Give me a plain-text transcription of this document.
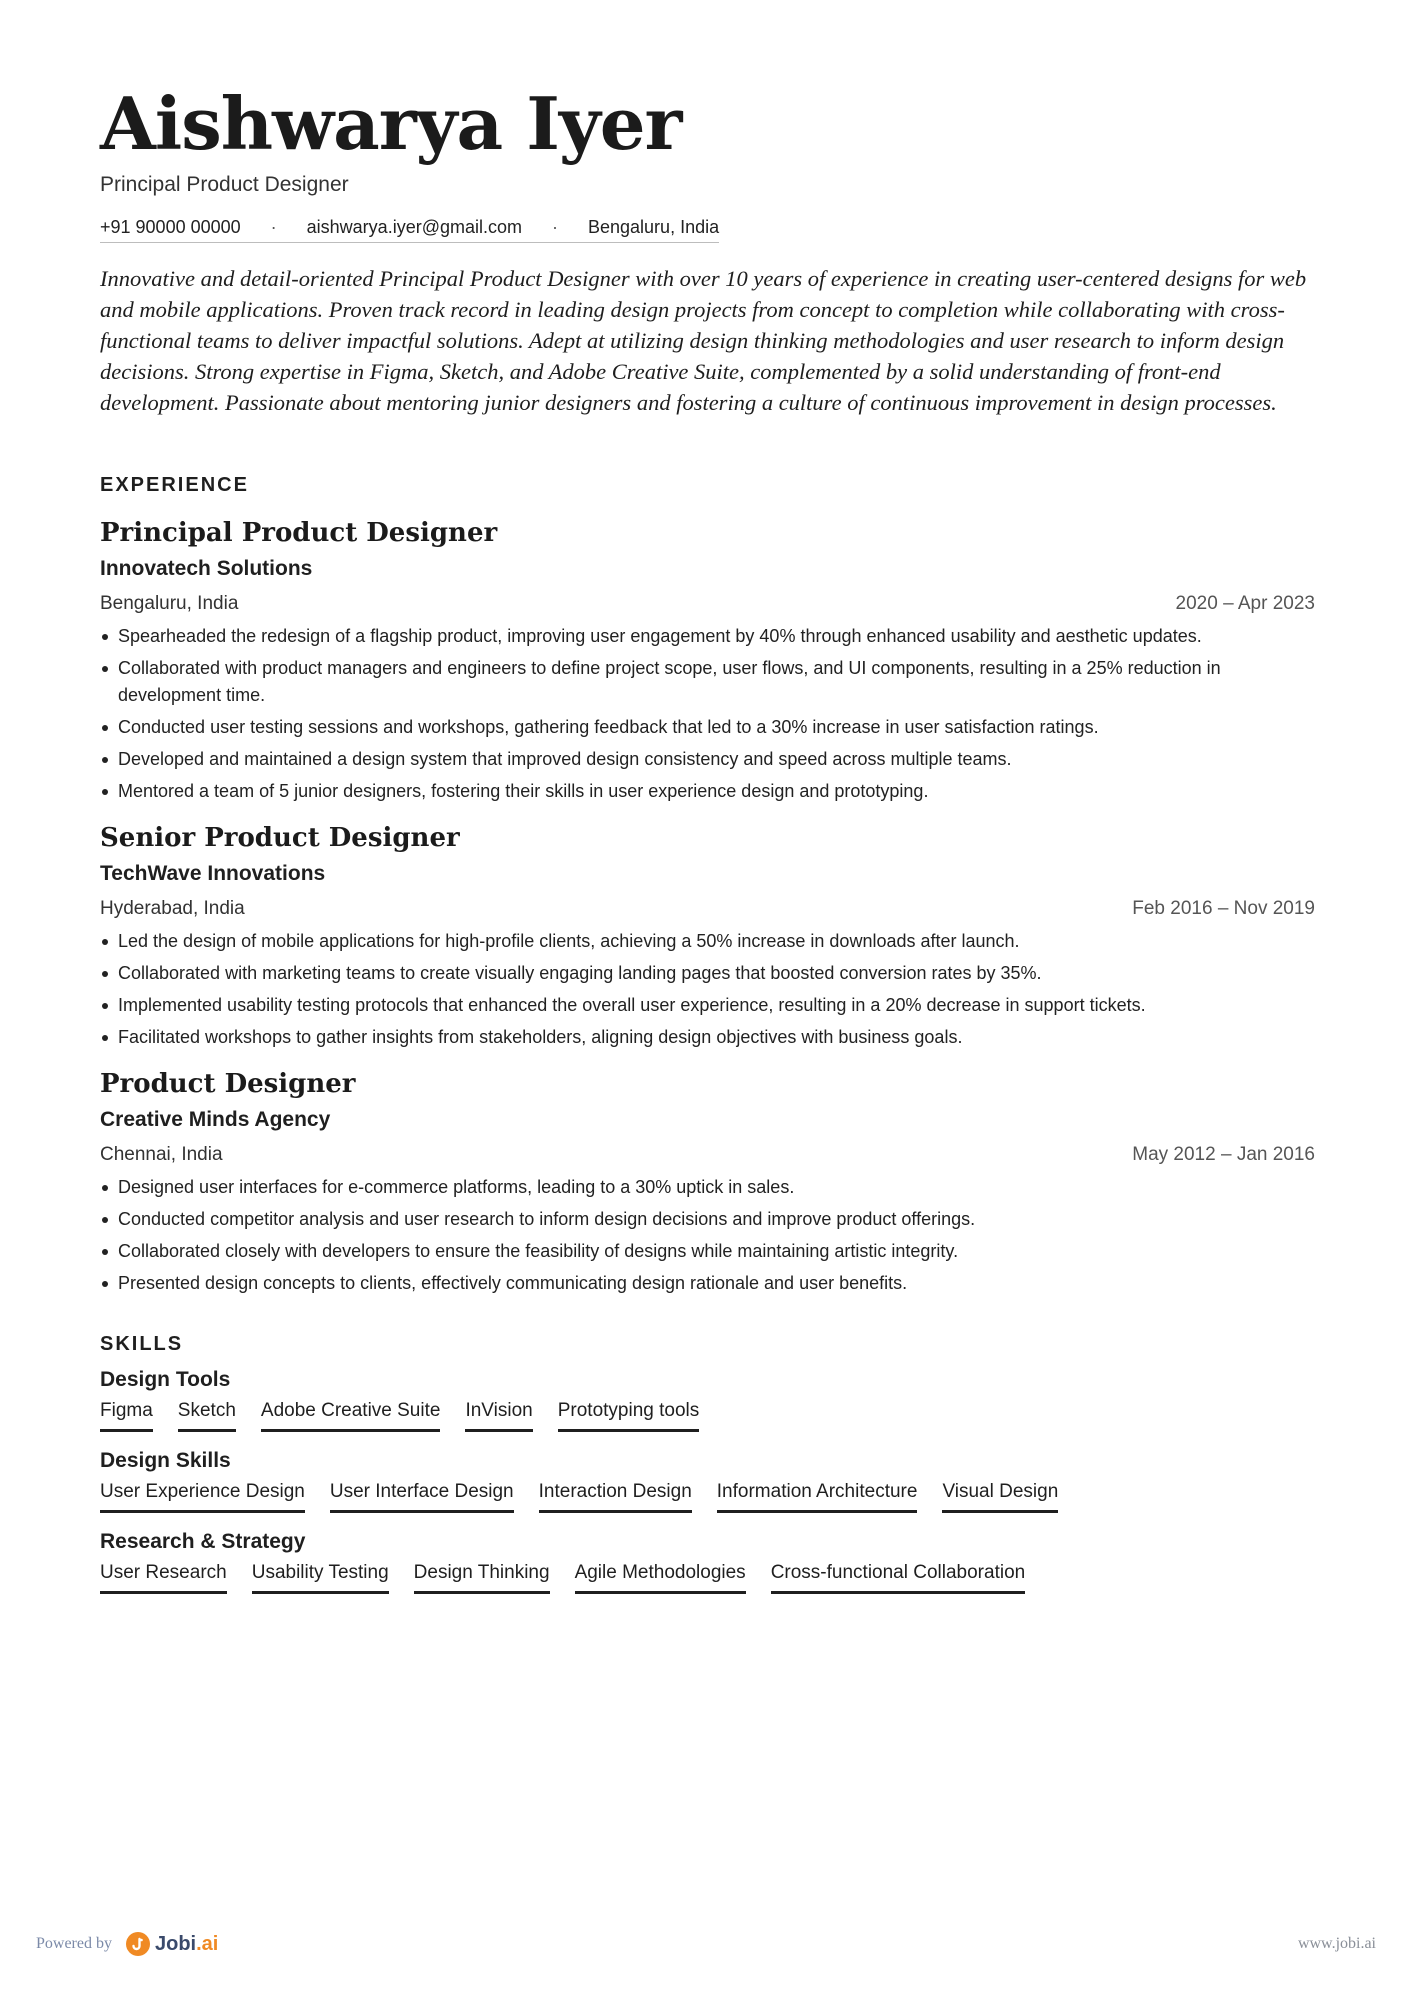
Aishwarya Iyer
Principal Product Designer
+91 90000 00000 · aishwarya.iyer@gmail.com · Bengaluru, India
Innovative and detail-oriented Principal Product Designer with over 10 years of experience in creating user-centered designs for web and mobile applications. Proven track record in leading design projects from concept to completion while collaborating with cross-functional teams to deliver impactful solutions. Adept at utilizing design thinking methodologies and user research to inform design decisions. Strong expertise in Figma, Sketch, and Adobe Creative Suite, complemented by a solid understanding of front-end development. Passionate about mentoring junior designers and fostering a culture of continuous improvement in design processes.
EXPERIENCE
Principal Product Designer
Innovatech Solutions
Bengaluru, India	2020 – Apr 2023
Spearheaded the redesign of a flagship product, improving user engagement by 40% through enhanced usability and aesthetic updates.
Collaborated with product managers and engineers to define project scope, user flows, and UI components, resulting in a 25% reduction in development time.
Conducted user testing sessions and workshops, gathering feedback that led to a 30% increase in user satisfaction ratings.
Developed and maintained a design system that improved design consistency and speed across multiple teams.
Mentored a team of 5 junior designers, fostering their skills in user experience design and prototyping.
Senior Product Designer
TechWave Innovations
Hyderabad, India	Feb 2016 – Nov 2019
Led the design of mobile applications for high-profile clients, achieving a 50% increase in downloads after launch.
Collaborated with marketing teams to create visually engaging landing pages that boosted conversion rates by 35%.
Implemented usability testing protocols that enhanced the overall user experience, resulting in a 20% decrease in support tickets.
Facilitated workshops to gather insights from stakeholders, aligning design objectives with business goals.
Product Designer
Creative Minds Agency
Chennai, India	May 2012 – Jan 2016
Designed user interfaces for e-commerce platforms, leading to a 30% uptick in sales.
Conducted competitor analysis and user research to inform design decisions and improve product offerings.
Collaborated closely with developers to ensure the feasibility of designs while maintaining artistic integrity.
Presented design concepts to clients, effectively communicating design rationale and user benefits.
SKILLS
Design Tools
Figma Sketch Adobe Creative Suite InVision Prototyping tools
Design Skills
User Experience Design User Interface Design Interaction Design Information Architecture Visual Design
Research & Strategy
User Research Usability Testing Design Thinking Agile Methodologies Cross-functional Collaboration
Powered by Jobi.ai	www.jobi.ai
